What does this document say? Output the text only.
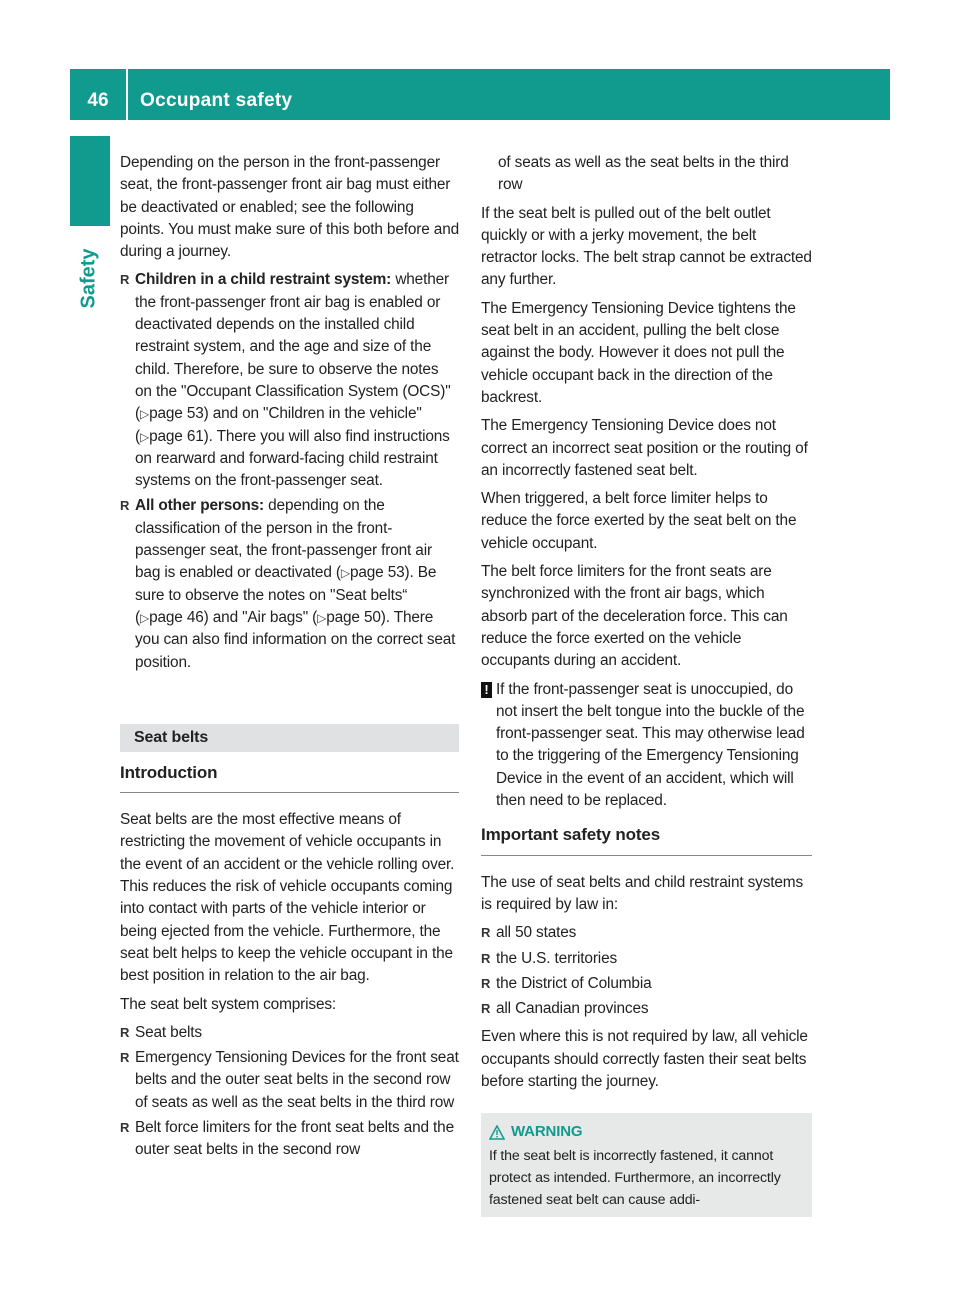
46	Occupant safety
Safety

Depending on the person in the front-passenger seat, the front-passenger front air bag must either be deactivated or enabled; see the following points. You must make sure of this both before and during a journey.

R Children in a child restraint system: whether the front-passenger front air bag is enabled or deactivated depends on the installed child restraint system, and the age and size of the child. Therefore, be sure to observe the notes on the "Occupant Classification System (OCS)" (▷page 53) and on "Children in the vehicle" (▷page 61). There you will also find instructions on rearward and forward-facing child restraint systems on the front-passenger seat.
R All other persons: depending on the classification of the person in the front-passenger seat, the front-passenger front air bag is enabled or deactivated (▷page 53). Be sure to observe the notes on "Seat belts“ (▷page 46) and "Air bags" (▷page 50). There you can also find information on the correct seat position.
Seat belts
Introduction

Seat belts are the most effective means of restricting the movement of vehicle occupants in the event of an accident or the vehicle rolling over. This reduces the risk of vehicle occupants coming into contact with parts of the vehicle interior or being ejected from the vehicle. Furthermore, the seat belt helps to keep the vehicle occupant in the best position in relation to the air bag.

The seat belt system comprises:

R Seat belts
R Emergency Tensioning Devices for the front seat belts and the outer seat belts in the second row of seats as well as the seat belts in the third row
R Belt force limiters for the front seat belts and the outer seat belts in the second row

of seats as well as the seat belts in the third row

If the seat belt is pulled out of the belt outlet quickly or with a jerky movement, the belt retractor locks. The belt strap cannot be extracted any further.

The Emergency Tensioning Device tightens the seat belt in an accident, pulling the belt close against the body. However it does not pull the vehicle occupant back in the direction of the backrest.

The Emergency Tensioning Device does not correct an incorrect seat position or the routing of an incorrectly fastened seat belt.

When triggered, a belt force limiter helps to reduce the force exerted by the seat belt on the vehicle occupant.

The belt force limiters for the front seats are synchronized with the front air bags, which absorb part of the deceleration force. This can reduce the force exerted on the vehicle occupants during an accident.

! If the front-passenger seat is unoccupied, do not insert the belt tongue into the buckle of the front-passenger seat. This may otherwise lead to the triggering of the Emergency Tensioning Device in the event of an accident, which will then need to be replaced.
Important safety notes

The use of seat belts and child restraint systems is required by law in:

R all 50 states
R the U.S. territories
R the District of Columbia
R all Canadian provinces

Even where this is not required by law, all vehicle occupants should correctly fasten their seat belts before starting the journey.

WARNING
If the seat belt is incorrectly fastened, it cannot protect as intended. Furthermore, an incorrectly fastened seat belt can cause addi-
